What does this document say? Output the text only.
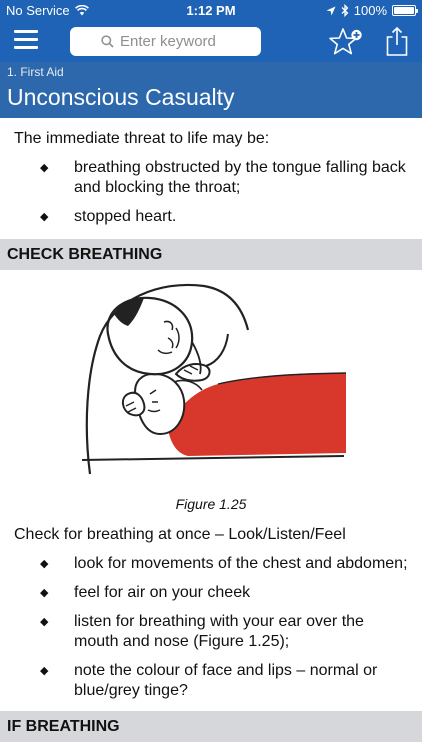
No Service	1:12 PM	100%
Enter keyword
1. First Aid
Unconscious Casualty

The immediate threat to life may be:

◆ breathing obstructed by the tongue falling back and blocking the throat;
◆ stopped heart.
CHECK BREATHING
Figure 1.25

Check for breathing at once – Look/Listen/Feel

◆ look for movements of the chest and abdomen;
◆ feel for air on your cheek
◆ listen for breathing with your ear over the mouth and nose (Figure 1.25);
◆ note the colour of face and lips – normal or blue/grey tinge?
IF BREATHING
